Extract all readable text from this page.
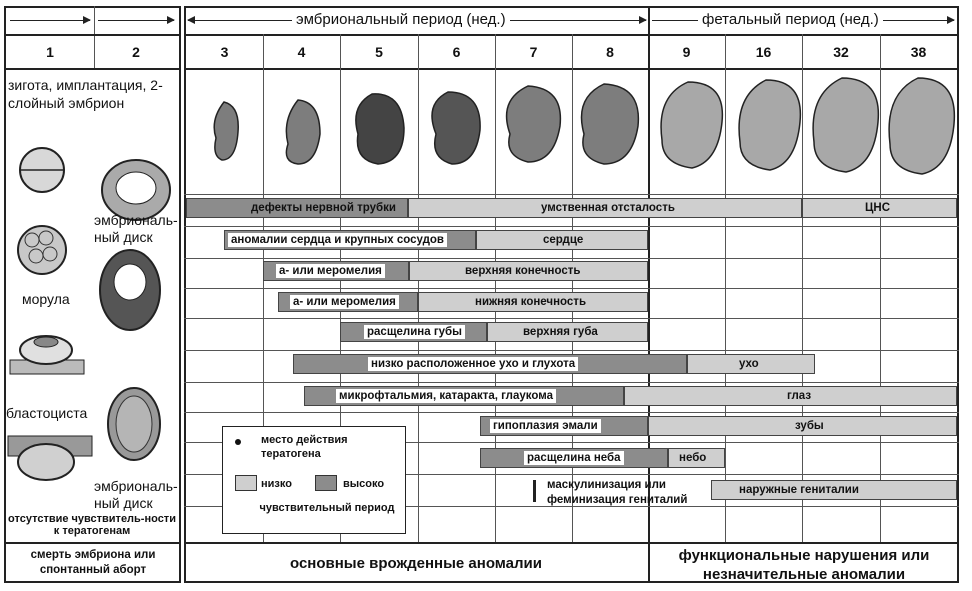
1	2
зигота, имплантация, 2-слойный эмбрион
морула
бластоциста
эмбриональ-ный диск
эмбриональ-ный диск
отсутствие чувствитель-ности к тератогенам
смерть эмбриона или спонтанный аборт
эмбриональный период (нед.)	фетальный период (нед.)
3	4	5	6	7	8	9	16	32	38
дефекты нервной трубки	умственная отсталость	ЦНС
аномалии сердца и крупных сосудов	сердце
а- или меромелия	верхняя конечность
а- или меромелия	нижняя конечность
расщелина губы	верхняя губа
низко расположенное ухо и глухота	ухо
микрофтальмия, катаракта, глаукома	глаз
гипоплазия эмали	зубы
расщелина неба	небо
маскулинизация или феминизация гениталий
наружные гениталии
место действия тератогена
низко	высоко
чувствительный период
основные врожденные аномалии	функциональные нарушения или незначительные аномалии
